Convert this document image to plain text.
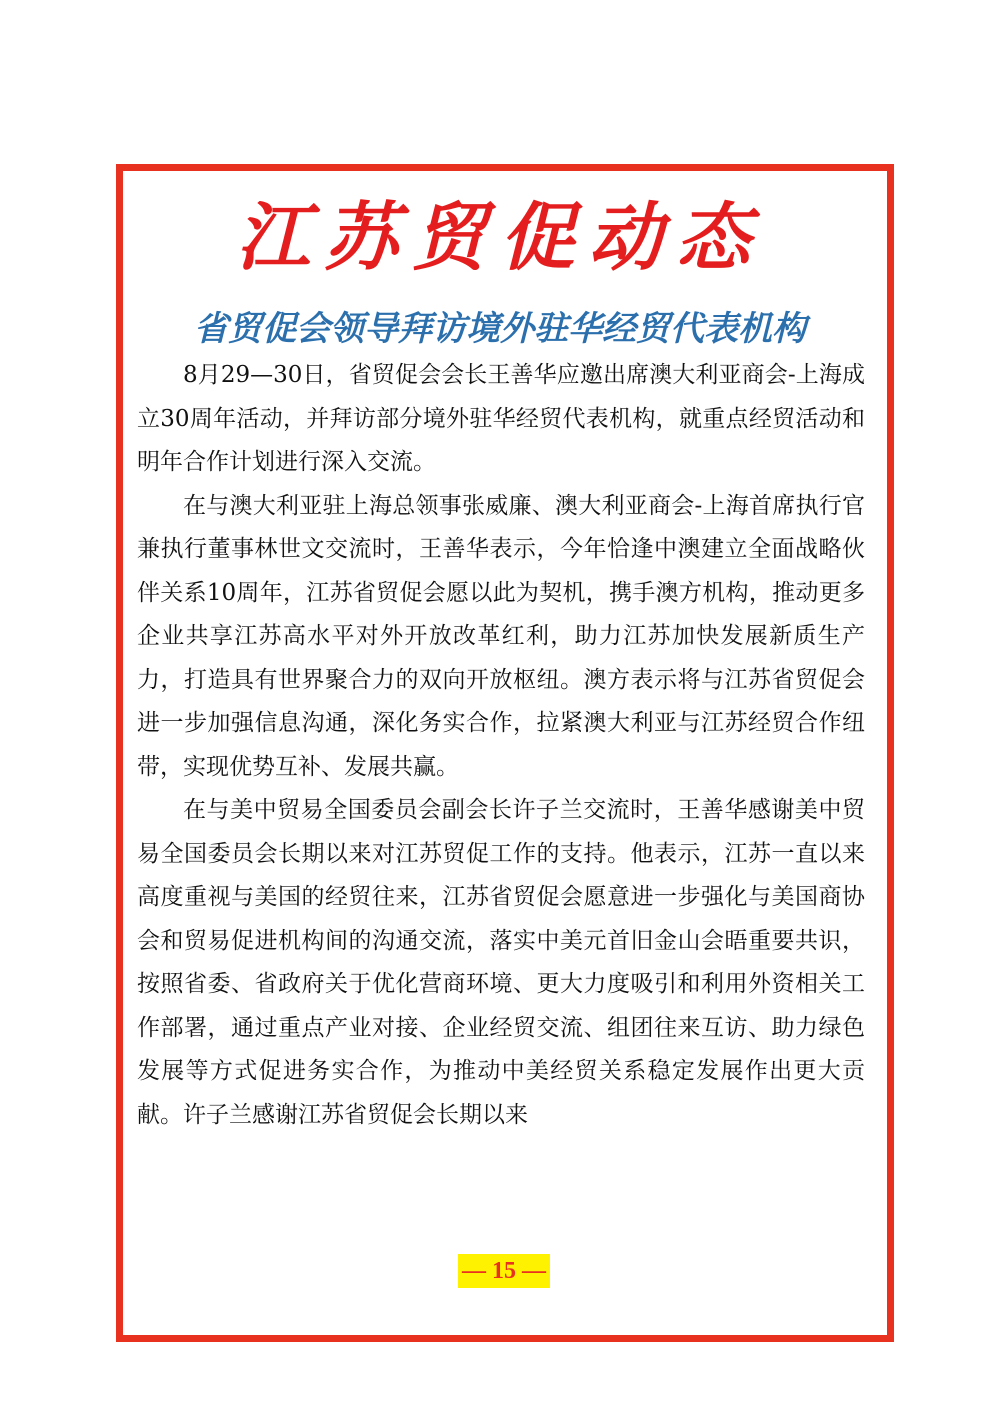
江苏贸促动态
省贸促会领导拜访境外驻华经贸代表机构

8月29—30日，省贸促会会长王善华应邀出席澳大利亚商会-上海成立30周年活动，并拜访部分境外驻华经贸代表机构，就重点经贸活动和明年合作计划进行深入交流。

在与澳大利亚驻上海总领事张威廉、澳大利亚商会-上海首席执行官兼执行董事林世文交流时，王善华表示，今年恰逢中澳建立全面战略伙伴关系10周年，江苏省贸促会愿以此为契机，携手澳方机构，推动更多企业共享江苏高水平对外开放改革红利，助力江苏加快发展新质生产力，打造具有世界聚合力的双向开放枢纽。澳方表示将与江苏省贸促会进一步加强信息沟通，深化务实合作，拉紧澳大利亚与江苏经贸合作纽带，实现优势互补、发展共赢。

在与美中贸易全国委员会副会长许子兰交流时，王善华感谢美中贸易全国委员会长期以来对江苏贸促工作的支持。他表示，江苏一直以来高度重视与美国的经贸往来，江苏省贸促会愿意进一步强化与美国商协会和贸易促进机构间的沟通交流，落实中美元首旧金山会晤重要共识，按照省委、省政府关于优化营商环境、更大力度吸引和利用外资相关工作部署，通过重点产业对接、企业经贸交流、组团往来互访、助力绿色发展等方式促进务实合作，为推动中美经贸关系稳定发展作出更大贡献。许子兰感谢江苏省贸促会长期以来

— 15 —
